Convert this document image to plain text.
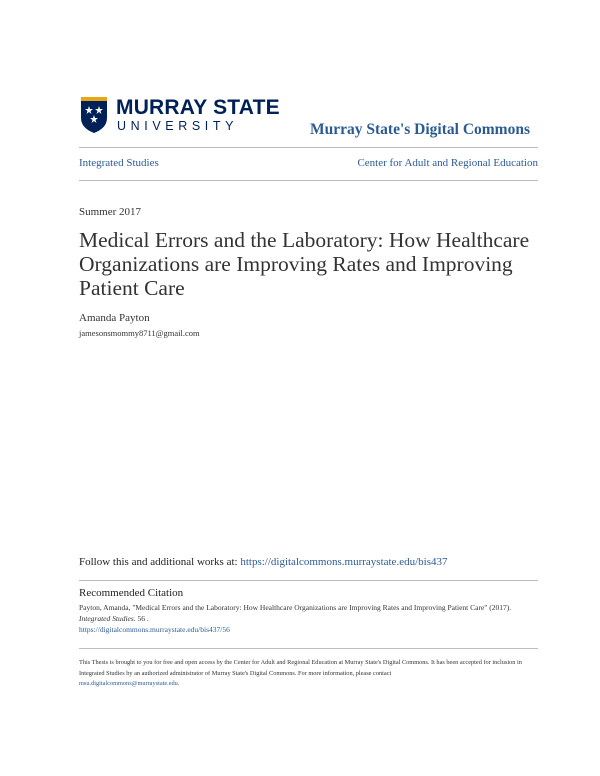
MURRAY STATE
UNIVERSITY	Murray State's Digital Commons
Integrated Studies	Center for Adult and Regional Education
Summer 2017
Medical Errors and the Laboratory: How Healthcare Organizations are Improving Rates and Improving Patient Care
Amanda Payton
jamesonsmommy8711@gmail.com
Follow this and additional works at: https://digitalcommons.murraystate.edu/bis437
Recommended Citation
Payton, Amanda, "Medical Errors and the Laboratory: How Healthcare Organizations are Improving Rates and Improving Patient Care" (2017). Integrated Studies. 56 .
https://digitalcommons.murraystate.edu/bis437/56
This Thesis is brought to you for free and open access by the Center for Adult and Regional Education at Murray State's Digital Commons. It has been accepted for inclusion in Integrated Studies by an authorized administrator of Murray State's Digital Commons. For more information, please contact
msu.digitalcommons@murraystate.edu.
